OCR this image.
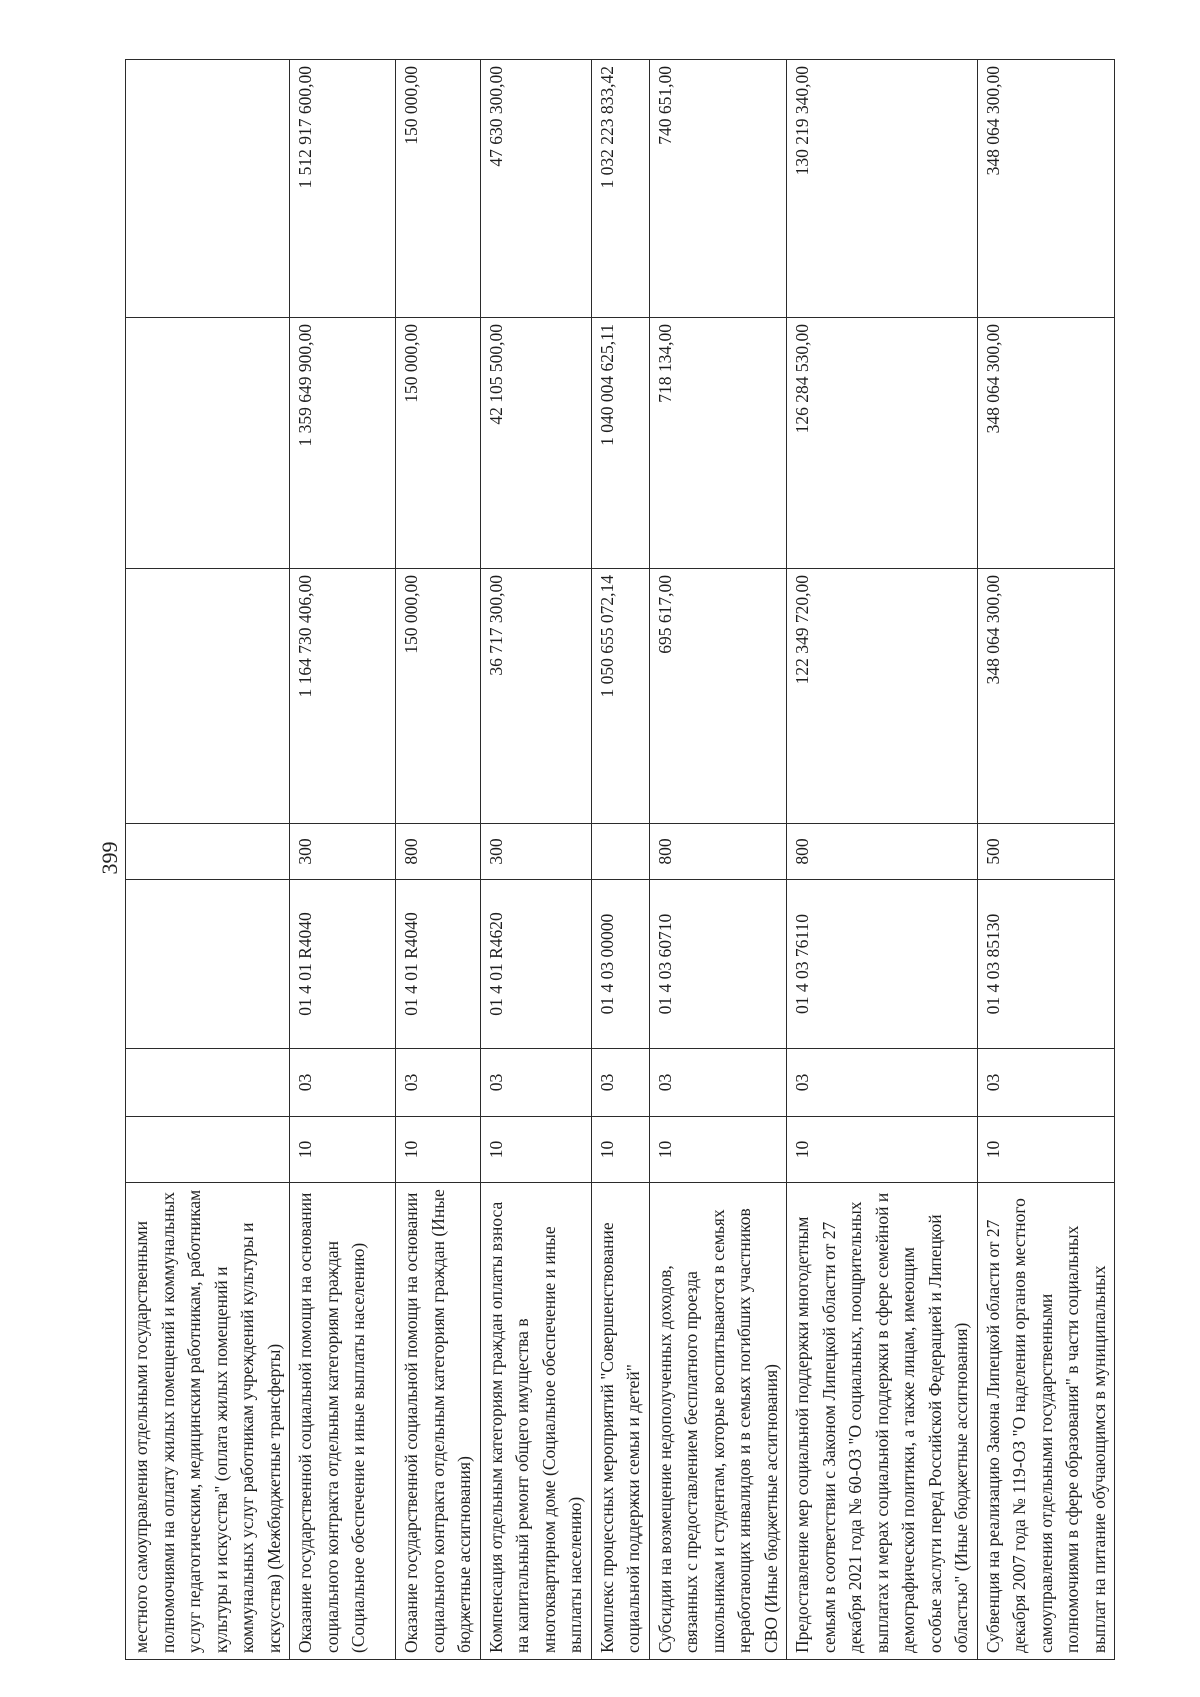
399
местного самоуправления отдельными государственными полномочиями на оплату жилых помещений и коммунальных услуг педагогическим, медицинским работникам, работникам культуры и искусства" (оплата жилых помещений и коммунальных услуг работникам учреждений культуры и искусства) (Межбюджетные трансферты)							
Оказание государственной социальной помощи на основании социального контракта отдельным категориям граждан (Социальное обеспечение и иные выплаты населению)	10	03	01 4 01 R4040	300	1 164 730 406,00	1 359 649 900,00	1 512 917 600,00
Оказание государственной социальной помощи на основании социального контракта отдельным категориям граждан (Иные бюджетные ассигнования)	10	03	01 4 01 R4040	800	150 000,00	150 000,00	150 000,00
Компенсация отдельным категориям граждан оплаты взноса на капитальный ремонт общего имущества в многоквартирном доме (Социальное обеспечение и иные выплаты населению)	10	03	01 4 01 R4620	300	36 717 300,00	42 105 500,00	47 630 300,00
Комплекс процессных мероприятий "Совершенствование социальной поддержки семьи и детей"	10	03	01 4 03 00000		1 050 655 072,14	1 040 004 625,11	1 032 223 833,42
Субсидии на возмещение недополученных доходов, связанных с предоставлением бесплатного проезда школьникам и студентам, которые воспитываются в семьях неработающих инвалидов и в семьях погибших участников СВО (Иные бюджетные ассигнования)	10	03	01 4 03 60710	800	695 617,00	718 134,00	740 651,00
Предоставление мер социальной поддержки многодетным семьям в соответствии с Законом Липецкой области от 27 декабря 2021 года № 60-ОЗ "О социальных, поощрительных выплатах и мерах социальной поддержки в сфере семейной и демографической политики, а также лицам, имеющим особые заслуги перед Российской Федерацией и Липецкой областью" (Иные бюджетные ассигнования)	10	03	01 4 03 76110	800	122 349 720,00	126 284 530,00	130 219 340,00
Субвенция на реализацию Закона Липецкой области от 27 декабря 2007 года № 119-ОЗ "О наделении органов местного самоуправления отдельными государственными полномочиями в сфере образования" в части социальных выплат на питание обучающимся в муниципальных	10	03	01 4 03 85130	500	348 064 300,00	348 064 300,00	348 064 300,00
